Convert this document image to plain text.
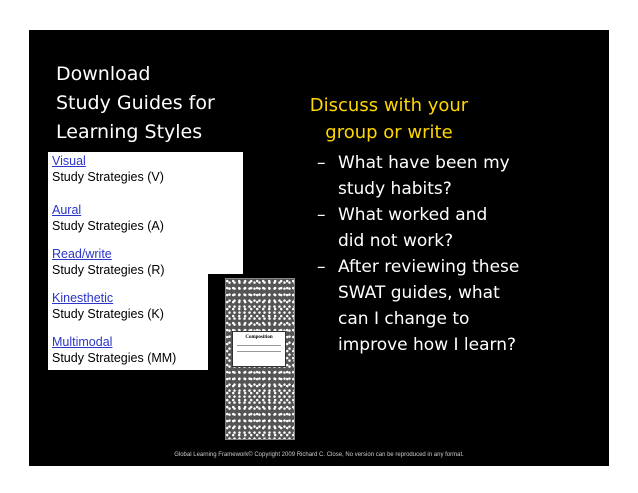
Download
Study Guides for
Learning Styles
Composition
Visual
Study Strategies (V)
Aural
Study Strategies (A)
Read/write
Study Strategies (R)
Kinesthetic
Study Strategies (K)
Multimodal
Study Strategies (MM)
Discuss with your
group or write
– What have been my
study habits?
– What worked and
did not work?
– After reviewing these
SWAT guides, what
can I change to
improve how I learn?
Global Learning Framework© Copyright 2009 Richard C. Close, No version can be reproduced in any format.
